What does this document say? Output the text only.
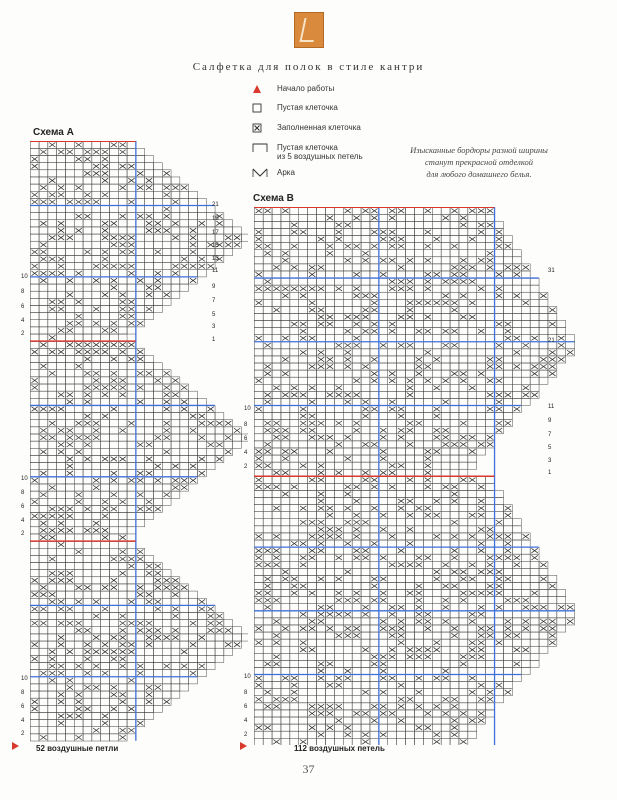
Салфетка для полок в стиле кантри
Начало работы
Пустая клеточка
Заполненная клеточка
Пустая клеточка
из 5 воздушных петель
Арка
Изысканные бордюры разной ширины
станут прекрасной отделкой
для любого домашнего белья.
Схема А
10
8
6
4
2
10
8
6
4
2
10
8
6
4
2
21
19
17
15
13
11
9
7
5
3
1
52 воздушные петли
Схема В
10
8
6
4
2
10
8
6
4
2
31
21
11
9
7
5
3
1
112 воздушных петель
37
